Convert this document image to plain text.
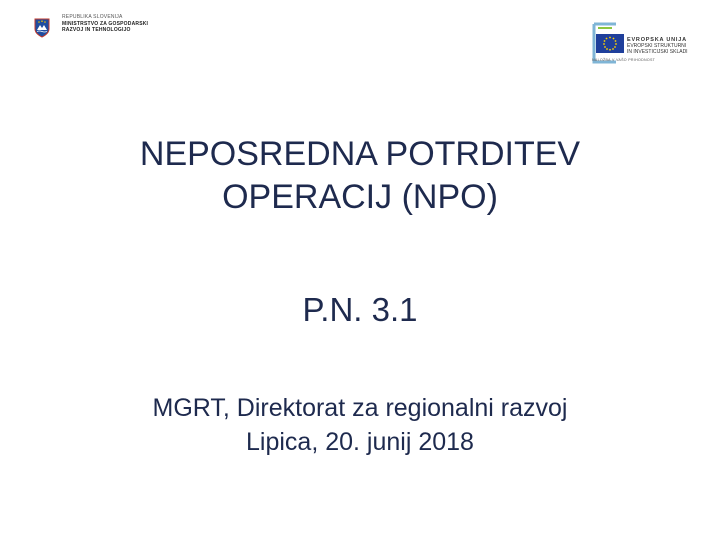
REPUBLIKA SLOVENIJA
MINISTRSTVO ZA GOSPODARSKI
RAZVOJ IN TEHNOLOGIJO
EVROPSKA UNIJA
EVROPSKI STRUKTURNI
IN INVESTICIJSKI SKLADI
NALOŽBA V VAŠO PRIHODNOST
NEPOSREDNA POTRDITEV
OPERACIJ (NPO)
P.N. 3.1
MGRT, Direktorat za regionalni razvoj
Lipica, 20. junij 2018
